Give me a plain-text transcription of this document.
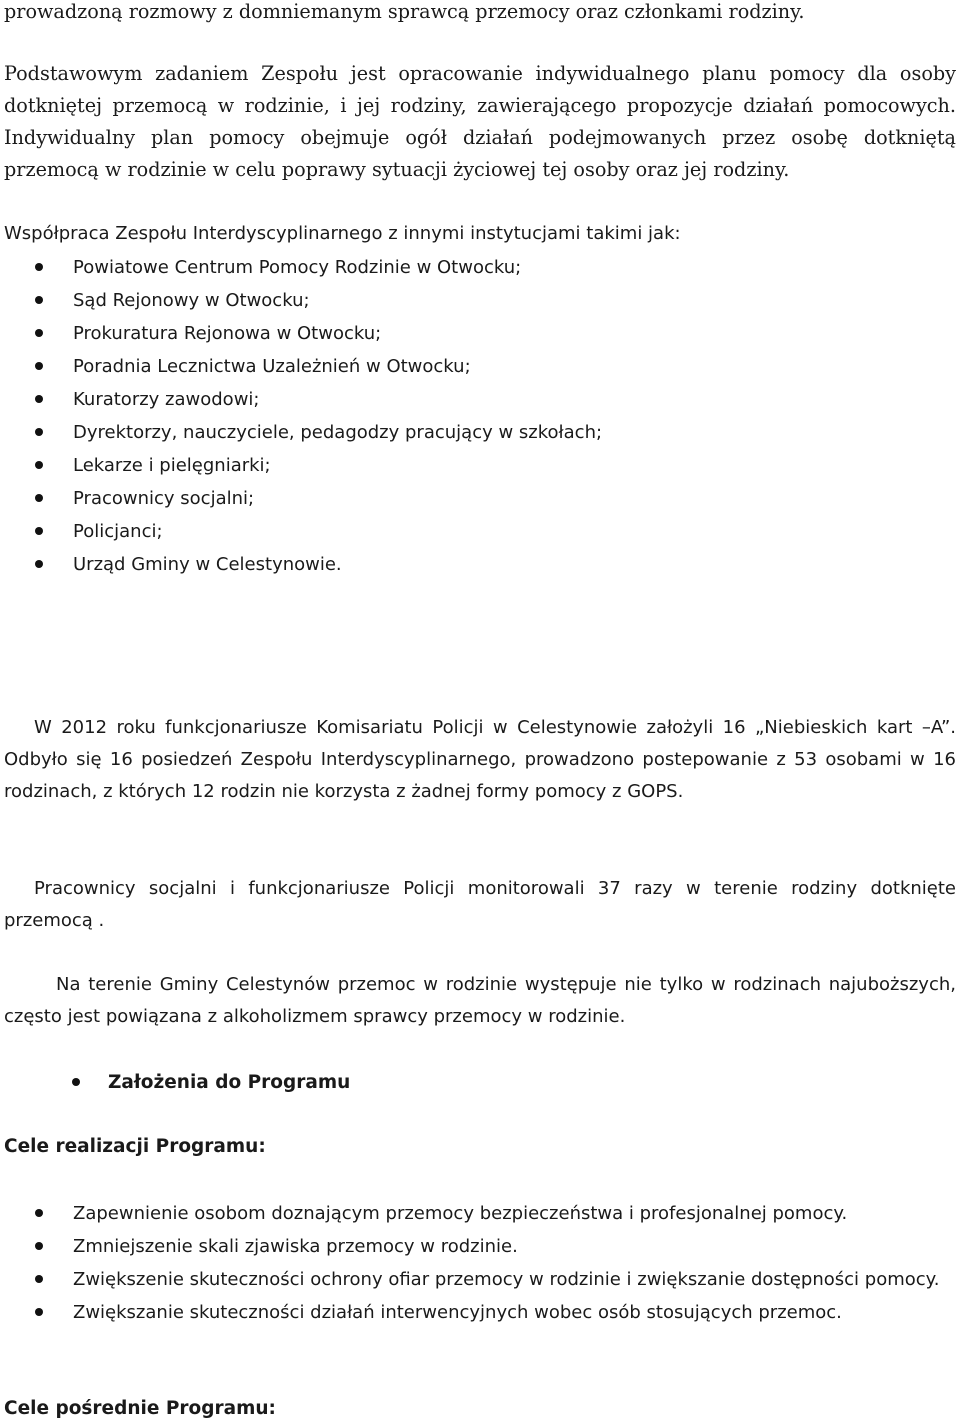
prowadzoną rozmowy z domniemanym sprawcą przemocy oraz członkami rodziny.

Podstawowym zadaniem Zespołu jest opracowanie indywidualnego planu pomocy dla osoby dotkniętej przemocą w rodzinie, i jej rodziny, zawierającego propozycje działań pomocowych. Indywidualny plan pomocy obejmuje ogół działań podejmowanych przez osobę dotkniętą przemocą w rodzinie w celu poprawy sytuacji życiowej tej osoby oraz jej rodziny.

Współpraca Zespołu Interdyscyplinarnego z innymi instytucjami takimi jak:

Powiatowe Centrum Pomocy Rodzinie w Otwocku;
Sąd Rejonowy w Otwocku;
Prokuratura Rejonowa w Otwocku;
Poradnia Lecznictwa Uzależnień w Otwocku;
Kuratorzy zawodowi;
Dyrektorzy, nauczyciele, pedagodzy pracujący w szkołach;
Lekarze i pielęgniarki;
Pracownicy socjalni;
Policjanci;
Urząd Gminy w Celestynowie.

W 2012 roku funkcjonariusze Komisariatu Policji w Celestynowie założyli 16 „Niebieskich kart –A”. Odbyło się 16 posiedzeń Zespołu Interdyscyplinarnego, prowadzono postepowanie z 53 osobami w 16 rodzinach, z których 12 rodzin nie korzysta z żadnej formy pomocy z GOPS.

Pracownicy socjalni i funkcjonariusze Policji monitorowali 37 razy w terenie rodziny dotknięte przemocą .

Na terenie Gminy Celestynów przemoc w rodzinie występuje nie tylko w rodzinach najuboższych, często jest powiązana z alkoholizmem sprawcy przemocy w rodzinie.

Założenia do Programu
Cele realizacji Programu:
Zapewnienie osobom doznającym przemocy bezpieczeństwa i profesjonalnej pomocy.
Zmniejszenie skali zjawiska przemocy w rodzinie.
Zwiększenie skuteczności ochrony ofiar przemocy w rodzinie i zwiększanie dostępności pomocy.
Zwiększanie skuteczności działań interwencyjnych wobec osób stosujących przemoc.
Cele pośrednie Programu:
